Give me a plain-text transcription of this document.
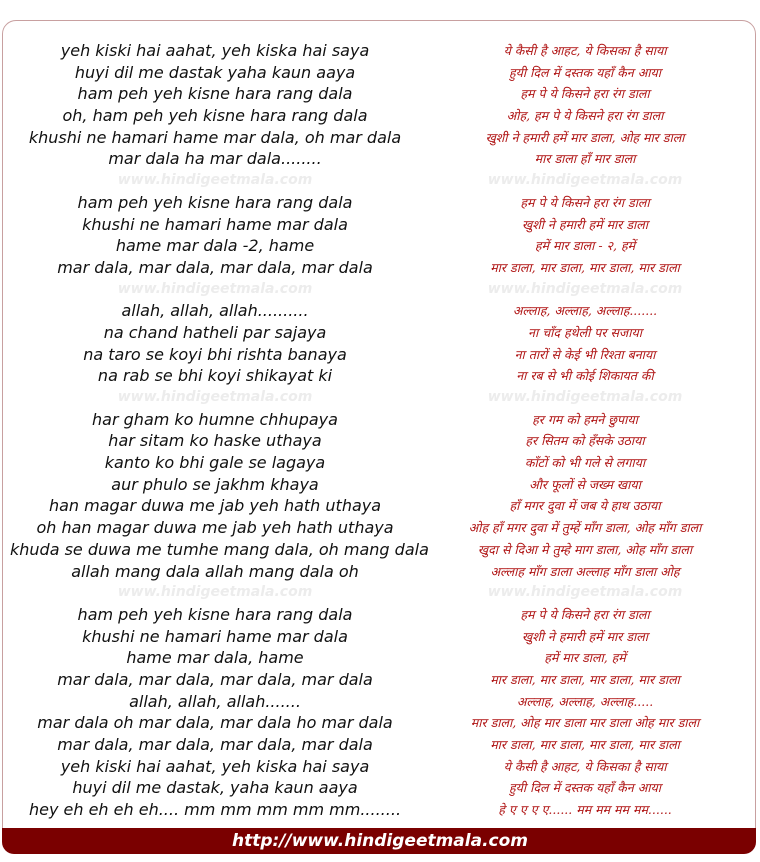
yeh kiski hai aahat, yeh kiska hai saya
huyi dil me dastak yaha kaun aaya
ham peh yeh kisne hara rang dala
oh, ham peh yeh kisne hara rang dala
khushi ne hamari hame mar dala, oh mar dala
mar dala ha mar dala........
www.hindigeetmala.com
ham peh yeh kisne hara rang dala
khushi ne hamari hame mar dala
hame mar dala -2, hame
mar dala, mar dala, mar dala, mar dala
www.hindigeetmala.com
allah, allah, allah..........
na chand hatheli par sajaya
na taro se koyi bhi rishta banaya
na rab se bhi koyi shikayat ki
www.hindigeetmala.com
har gham ko humne chhupaya
har sitam ko haske uthaya
kanto ko bhi gale se lagaya
aur phulo se jakhm khaya
han magar duwa me jab yeh hath uthaya
oh han magar duwa me jab yeh hath uthaya
khuda se duwa me tumhe mang dala, oh mang dala
allah mang dala allah mang dala oh
www.hindigeetmala.com
ham peh yeh kisne hara rang dala
khushi ne hamari hame mar dala
hame mar dala, hame
mar dala, mar dala, mar dala, mar dala
allah, allah, allah.......
mar dala oh mar dala, mar dala ho mar dala
mar dala, mar dala, mar dala, mar dala
yeh kiski hai aahat, yeh kiska hai saya
huyi dil me dastak, yaha kaun aaya
hey eh eh eh eh.... mm mm mm mm mm........
ये कैसी है आहट, ये किसका है साया
हुयी दिल में दस्तक यहाँ कैन आया
हम पे ये किसने हरा रंग डाला
ओह, हम पे ये किसने हरा रंग डाला
खुशी ने हमारी हमें मार डाला, ओह मार डाला
मार डाला हाँ मार डाला
www.hindigeetmala.com
हम पे ये किसने हरा रंग डाला
खुशी ने हमारी हमें मार डाला
हमें मार डाला - २, हमें
मार डाला, मार डाला, मार डाला, मार डाला
www.hindigeetmala.com
अल्लाह, अल्लाह, अल्लाह.......
ना चाँद हथेली पर सजाया
ना तारों से केई भी रिश्ता बनाया
ना रब से भी कोई शिकायत की
www.hindigeetmala.com
हर गम को हमने छुपाया
हर सितम को हँसके उठाया
काँटों को भी गले से लगाया
और फूलों से जख्म खाया
हाँ मगर दुवा में जब ये हाथ उठाया
ओह हाँ मगर दुवा में तुम्हें माँग डाला, ओह माँग डाला
खुदा से दिआ मे तुम्हे माग डाला, ओह माँग डाला
अल्लाह माँग डाला अल्लाह माँग डाला ओह
www.hindigeetmala.com
हम पे ये किसने हरा रंग डाला
खुशी ने हमारी हमें मार डाला
हमें मार डाला, हमें
मार डाला, मार डाला, मार डाला, मार डाला
अल्लाह, अल्लाह, अल्लाह.....
मार डाला, ओह मार डाला मार डाला ओह मार डाला
मार डाला, मार डाला, मार डाला, मार डाला
ये कैसी है आहट, ये किसका है साया
हुयी दिल में दस्तक यहाँ कैन आया
हे ए ए ए ए...... मम मम मम मम......
http://www.hindigeetmala.com
